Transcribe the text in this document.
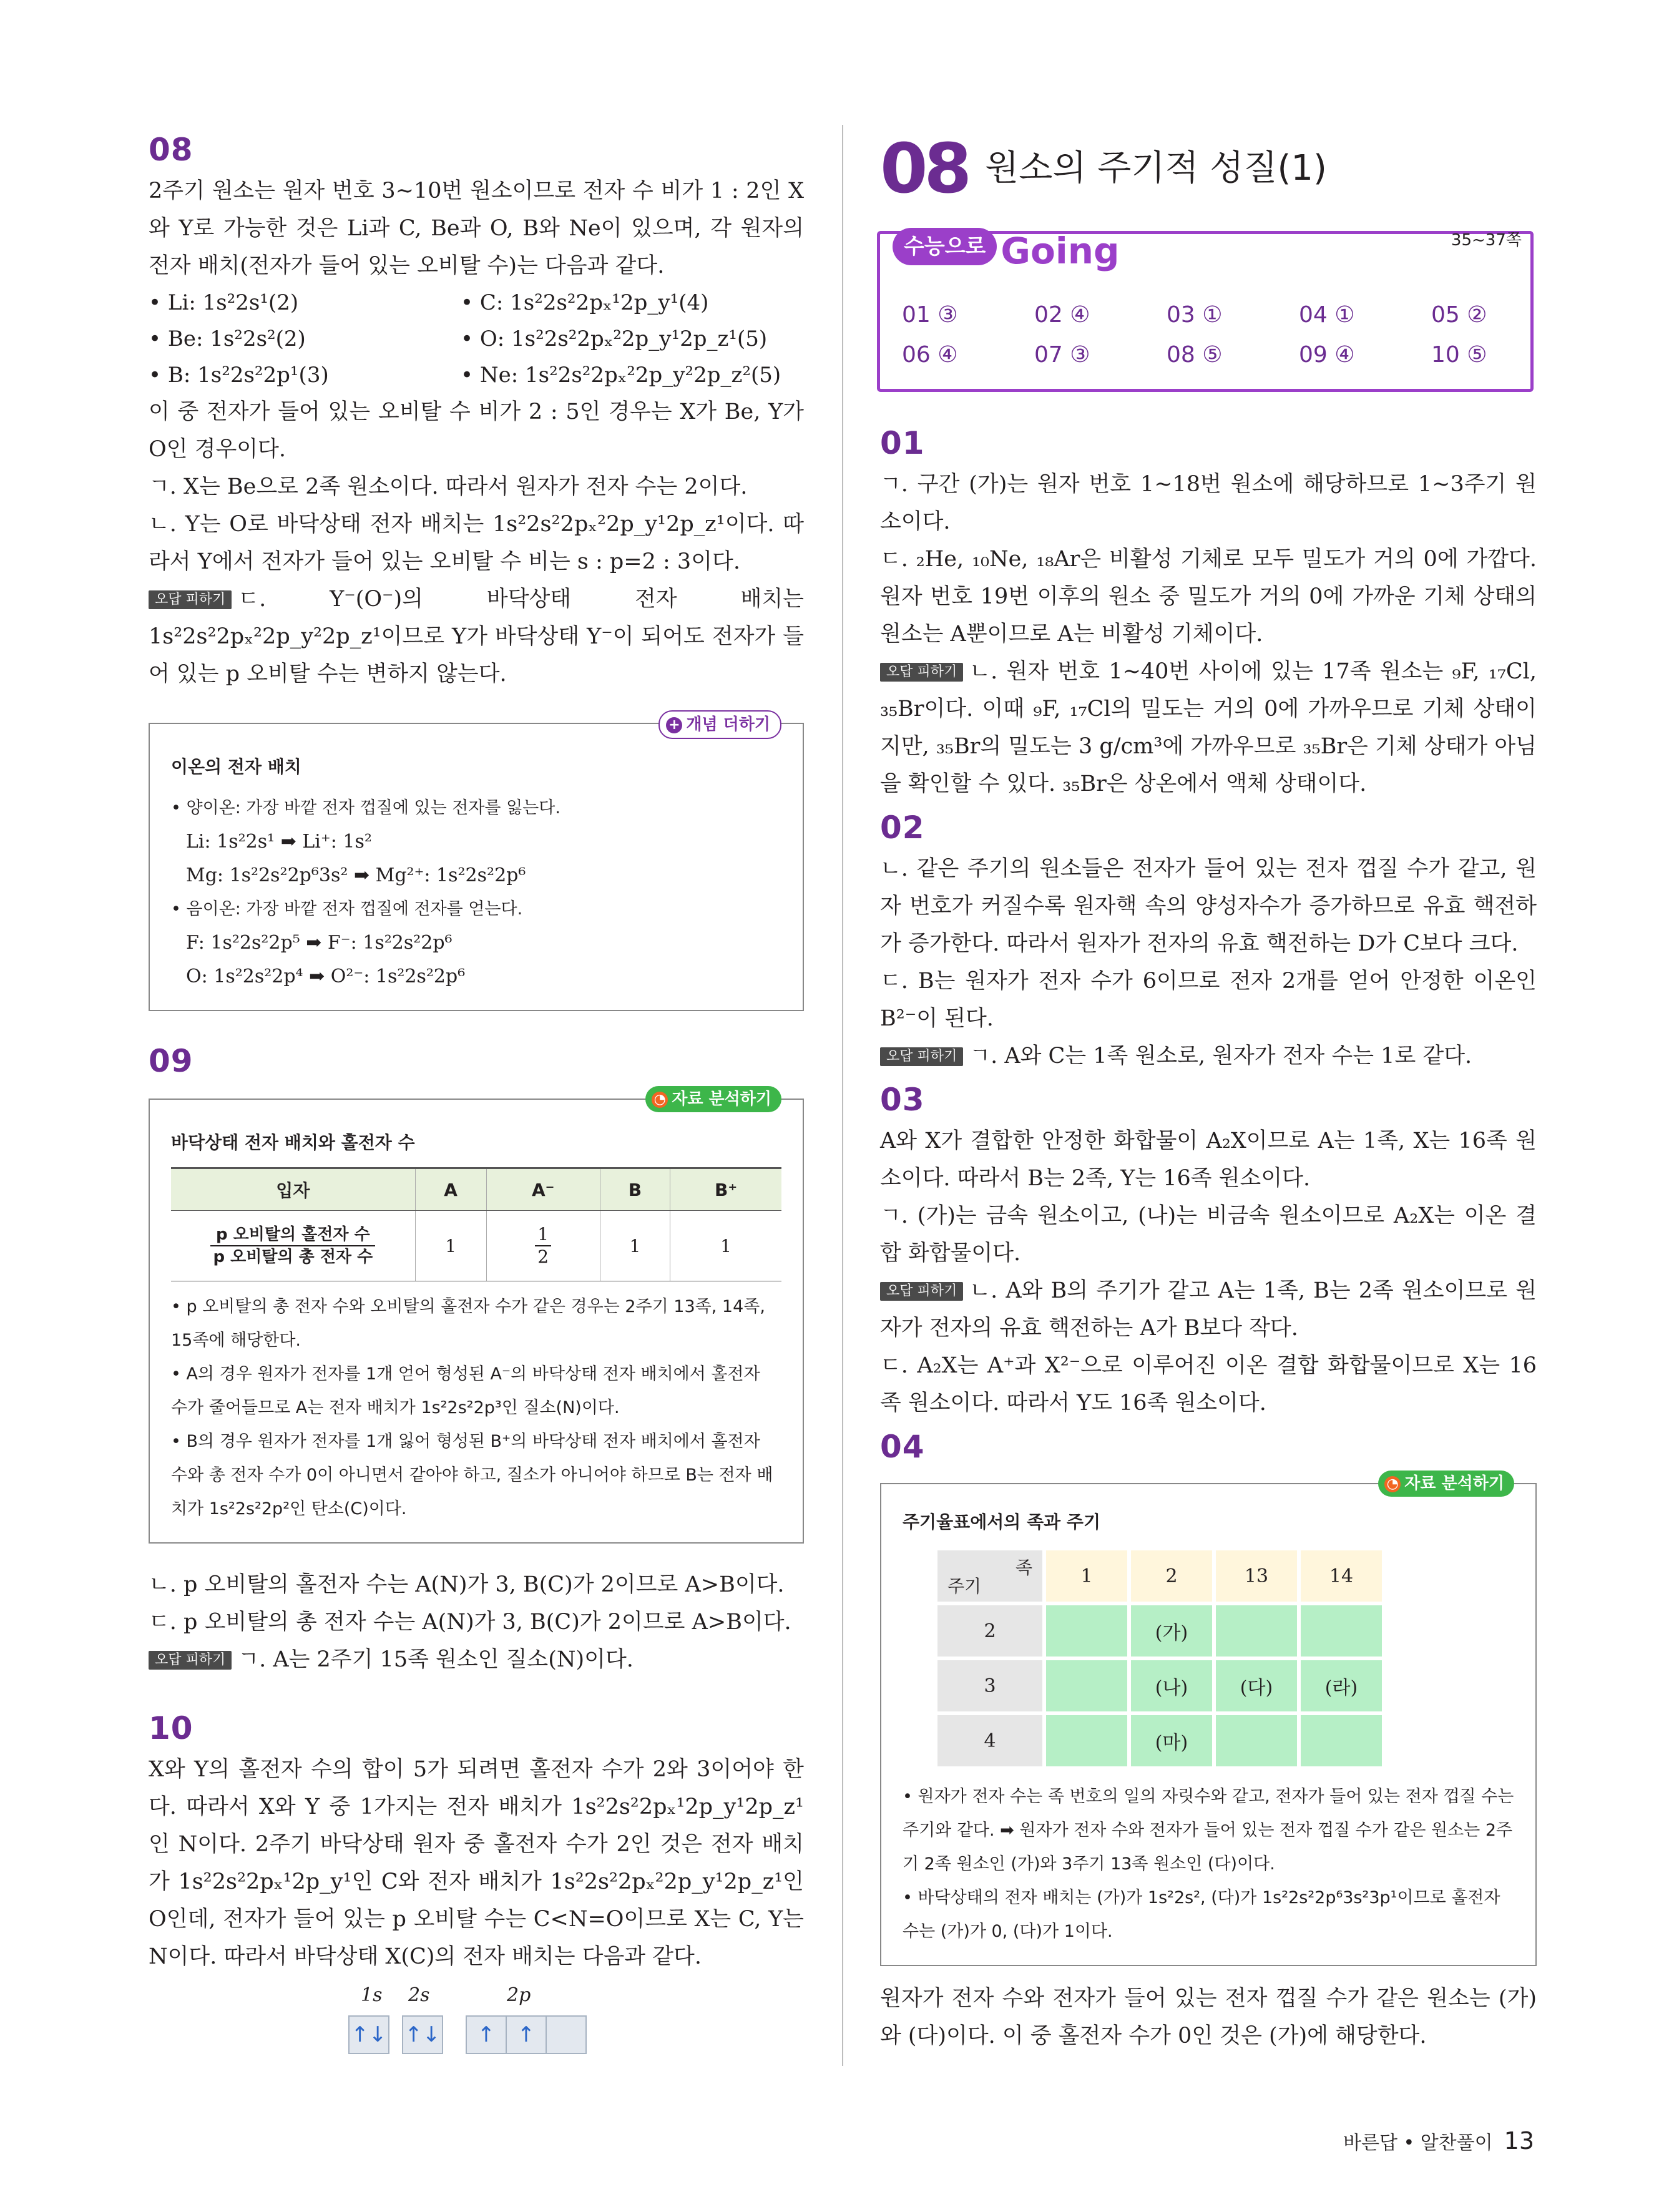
08

2주기 원소는 원자 번호 3∼10번 원소이므로 전자 수 비가 1 : 2인 X와 Y로 가능한 것은 Li과 C, Be과 O, B와 Ne이 있으며, 각 원자의 전자 배치(전자가 들어 있는 오비탈 수)는 다음과 같다.

• Li: 1s²2s¹(2)	• C: 1s²2s²2pₓ¹2p_y¹(4)
• Be: 1s²2s²(2)	• O: 1s²2s²2pₓ²2p_y¹2p_z¹(5)
• B: 1s²2s²2p¹(3)	• Ne: 1s²2s²2pₓ²2p_y²2p_z²(5)

이 중 전자가 들어 있는 오비탈 수 비가 2 : 5인 경우는 X가 Be, Y가 O인 경우이다.

ㄱ. X는 Be으로 2족 원소이다. 따라서 원자가 전자 수는 2이다.

ㄴ. Y는 O로 바닥상태 전자 배치는 1s²2s²2pₓ²2p_y¹2p_z¹이다. 따라서 Y에서 전자가 들어 있는 오비탈 수 비는 s : p=2 : 3이다.

오답 피하기 ㄷ. Y⁻(O⁻)의 바닥상태 전자 배치는 1s²2s²2pₓ²2p_y²2p_z¹이므로 Y가 바닥상태 Y⁻이 되어도 전자가 들어 있는 p 오비탈 수는 변하지 않는다.

+ 개념 더하기
이온의 전자 배치
• 양이온: 가장 바깥 전자 껍질에 있는 전자를 잃는다.
Li: 1s²2s¹ ➡ Li⁺: 1s²
Mg: 1s²2s²2p⁶3s² ➡ Mg²⁺: 1s²2s²2p⁶
• 음이온: 가장 바깥 전자 껍질에 전자를 얻는다.
F: 1s²2s²2p⁵ ➡ F⁻: 1s²2s²2p⁶
O: 1s²2s²2p⁴ ➡ O²⁻: 1s²2s²2p⁶
09
◔ 자료 분석하기
바닥상태 전자 배치와 홀전자 수
입자	A	A⁻	B	B⁺

$\frac{\text{p 오비탈의 홀전자 수}}{\text{p 오비탈의 총 전자 수}}$	1	$\frac{1}{2}$	1	1
• p 오비탈의 총 전자 수와 오비탈의 홀전자 수가 같은 경우는 2주기 13족, 14족, 15족에 해당한다.
• A의 경우 원자가 전자를 1개 얻어 형성된 A⁻의 바닥상태 전자 배치에서 홀전자 수가 줄어들므로 A는 전자 배치가 1s²2s²2p³인 질소(N)이다.
• B의 경우 원자가 전자를 1개 잃어 형성된 B⁺의 바닥상태 전자 배치에서 홀전자 수와 총 전자 수가 0이 아니면서 같아야 하고, 질소가 아니어야 하므로 B는 전자 배치가 1s²2s²2p²인 탄소(C)이다.

ㄴ. p 오비탈의 홀전자 수는 A(N)가 3, B(C)가 2이므로 A>B이다.

ㄷ. p 오비탈의 총 전자 수는 A(N)가 3, B(C)가 2이므로 A>B이다.

오답 피하기 ㄱ. A는 2주기 15족 원소인 질소(N)이다.

10

X와 Y의 홀전자 수의 합이 5가 되려면 홀전자 수가 2와 3이어야 한다. 따라서 X와 Y 중 1가지는 전자 배치가 1s²2s²2pₓ¹2p_y¹2p_z¹인 N이다. 2주기 바닥상태 원자 중 홀전자 수가 2인 것은 전자 배치가 1s²2s²2pₓ¹2p_y¹인 C와 전자 배치가 1s²2s²2pₓ²2p_y¹2p_z¹인 O인데, 전자가 들어 있는 p 오비탈 수는 C<N=O이므로 X는 C, Y는 N이다. 따라서 바닥상태 X(C)의 전자 배치는 다음과 같다.

1s 2s	2p
↑↓ ↑↓	↑	↑
08 원소의 주기적 성질(1)
수능으로 Going	35~37쪽
01 ③	02 ④	03 ①	04 ①	05 ②
06 ④	07 ③	08 ⑤	09 ④	10 ⑤
01

ㄱ. 구간 (가)는 원자 번호 1∼18번 원소에 해당하므로 1∼3주기 원소이다.

ㄷ. ₂He, ₁₀Ne, ₁₈Ar은 비활성 기체로 모두 밀도가 거의 0에 가깝다. 원자 번호 19번 이후의 원소 중 밀도가 거의 0에 가까운 기체 상태의 원소는 A뿐이므로 A는 비활성 기체이다.

오답 피하기 ㄴ. 원자 번호 1∼40번 사이에 있는 17족 원소는 ₉F, ₁₇Cl, ₃₅Br이다. 이때 ₉F, ₁₇Cl의 밀도는 거의 0에 가까우므로 기체 상태이지만, ₃₅Br의 밀도는 3 g/cm³에 가까우므로 ₃₅Br은 기체 상태가 아님을 확인할 수 있다. ₃₅Br은 상온에서 액체 상태이다.

02

ㄴ. 같은 주기의 원소들은 전자가 들어 있는 전자 껍질 수가 같고, 원자 번호가 커질수록 원자핵 속의 양성자수가 증가하므로 유효 핵전하가 증가한다. 따라서 원자가 전자의 유효 핵전하는 D가 C보다 크다.

ㄷ. B는 원자가 전자 수가 6이므로 전자 2개를 얻어 안정한 이온인 B²⁻이 된다.

오답 피하기 ㄱ. A와 C는 1족 원소로, 원자가 전자 수는 1로 같다.

03

A와 X가 결합한 안정한 화합물이 A₂X이므로 A는 1족, X는 16족 원소이다. 따라서 B는 2족, Y는 16족 원소이다.

ㄱ. (가)는 금속 원소이고, (나)는 비금속 원소이므로 A₂X는 이온 결합 화합물이다.

오답 피하기 ㄴ. A와 B의 주기가 같고 A는 1족, B는 2족 원소이므로 원자가 전자의 유효 핵전하는 A가 B보다 작다.

ㄷ. A₂X는 A⁺과 X²⁻으로 이루어진 이온 결합 화합물이므로 X는 16족 원소이다. 따라서 Y도 16족 원소이다.

04
◔ 자료 분석하기
주기율표에서의 족과 주기
족
주기	1	2	13	14
2		(가)		
3		(나)	(다)	(라)
4		(마)		
• 원자가 전자 수는 족 번호의 일의 자릿수와 같고, 전자가 들어 있는 전자 껍질 수는 주기와 같다. ➡ 원자가 전자 수와 전자가 들어 있는 전자 껍질 수가 같은 원소는 2주기 2족 원소인 (가)와 3주기 13족 원소인 (다)이다.
• 바닥상태의 전자 배치는 (가)가 1s²2s², (다)가 1s²2s²2p⁶3s²3p¹이므로 홀전자 수는 (가)가 0, (다)가 1이다.

원자가 전자 수와 전자가 들어 있는 전자 껍질 수가 같은 원소는 (가)와 (다)이다. 이 중 홀전자 수가 0인 것은 (가)에 해당한다.

바른답 • 알찬풀이 13
